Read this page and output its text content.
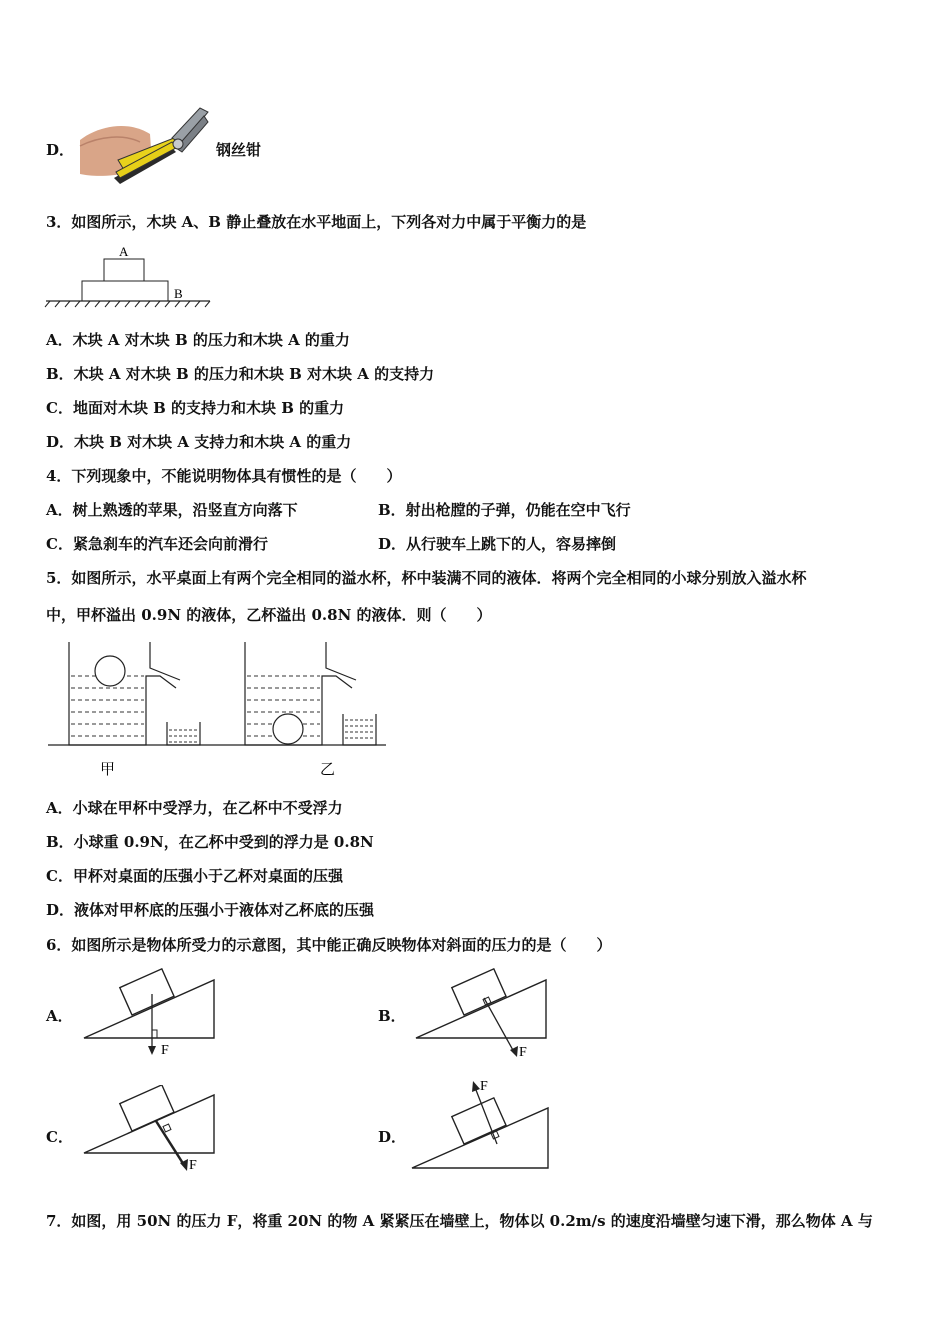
D．	钢丝钳
3．如图所示，木块 A、B 静止叠放在水平地面上，下列各对力中属于平衡力的是
A
B
A．木块 A 对木块 B 的压力和木块 A 的重力
B．木块 A 对木块 B 的压力和木块 B 对木块 A 的支持力
C．地面对木块 B 的支持力和木块 B 的重力
D．木块 B 对木块 A 支持力和木块 A 的重力
4．下列现象中，不能说明物体具有惯性的是（　　）
A．树上熟透的苹果，沿竖直方向落下	B．射出枪膛的子弹，仍能在空中飞行
C．紧急刹车的汽车还会向前滑行	D．从行驶车上跳下的人，容易摔倒
5．如图所示，水平桌面上有两个完全相同的溢水杯，杯中装满不同的液体．将两个完全相同的小球分别放入溢水杯
中，甲杯溢出 0.9N 的液体，乙杯溢出 0.8N 的液体．则（　　）
甲	乙
A．小球在甲杯中受浮力，在乙杯中不受浮力
B．小球重 0.9N，在乙杯中受到的浮力是 0.8N
C．甲杯对桌面的压强小于乙杯对桌面的压强
D．液体对甲杯底的压强小于液体对乙杯底的压强
6．如图所示是物体所受力的示意图，其中能正确反映物体对斜面的压力的是（　　）
A．
F
B．
F
C．
F
D．
F
7．如图，用 50N 的压力 F，将重 20N 的物 A 紧紧压在墙壁上，物体以 0.2m/s 的速度沿墙壁匀速下滑，那么物体 A 与
